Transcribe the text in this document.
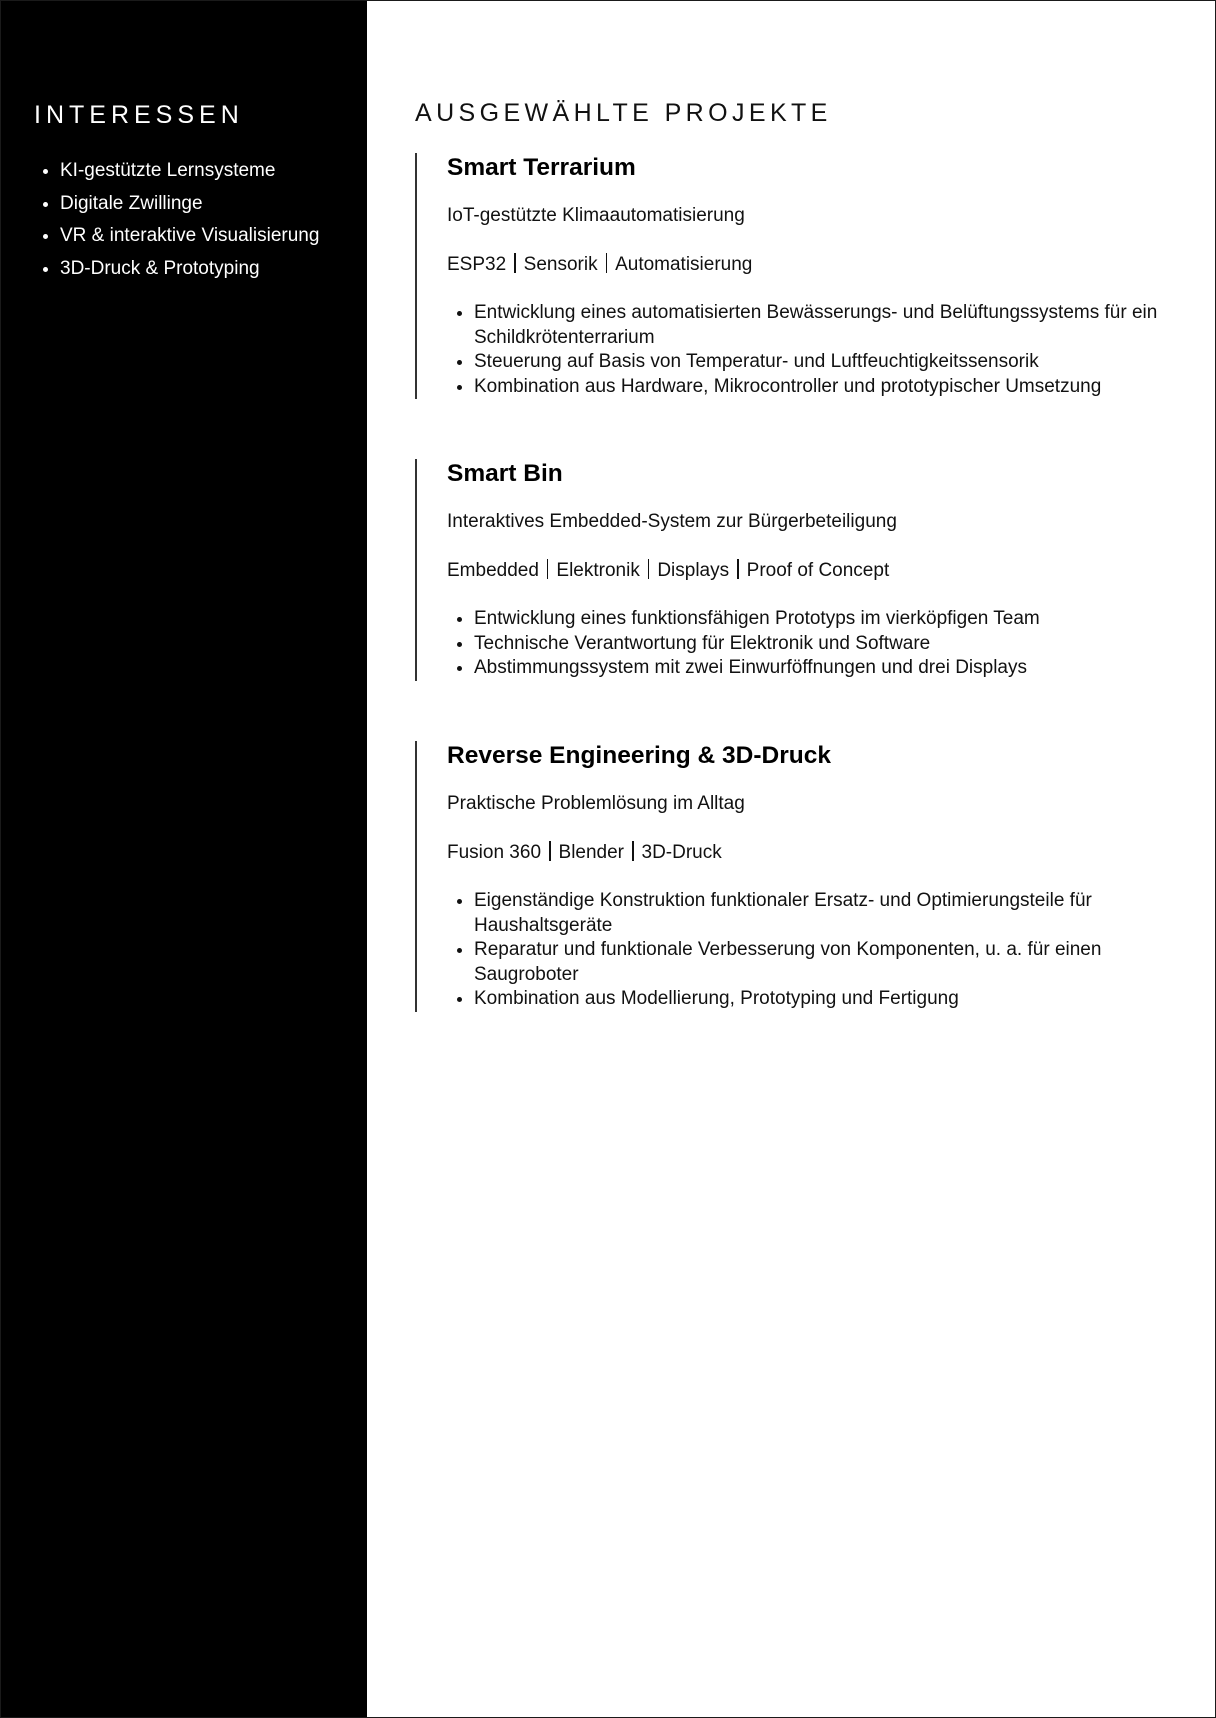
INTERESSEN
• KI-gestützte Lernsysteme
• Digitale Zwillinge
• VR & interaktive Visualisierung
• 3D-Druck & Prototyping
AUSGEWÄHLTE PROJEKTE
Smart Terrarium

IoT-gestützte Klimaautomatisierung

ESP32 Sensorik Automatisierung

• Entwicklung eines automatisierten Bewässerungs- und Belüftungssystems für ein Schildkrötenterrarium
• Steuerung auf Basis von Temperatur- und Luftfeuchtigkeitssensorik
• Kombination aus Hardware, Mikrocontroller und prototypischer Umsetzung
Smart Bin

Interaktives Embedded-System zur Bürgerbeteiligung

Embedded Elektronik Displays Proof of Concept

• Entwicklung eines funktionsfähigen Prototyps im vierköpfigen Team
• Technische Verantwortung für Elektronik und Software
• Abstimmungssystem mit zwei Einwurföffnungen und drei Displays
Reverse Engineering & 3D-Druck

Praktische Problemlösung im Alltag

Fusion 360 Blender 3D-Druck

• Eigenständige Konstruktion funktionaler Ersatz- und Optimierungsteile für Haushaltsgeräte
• Reparatur und funktionale Verbesserung von Komponenten, u. a. für einen Saugroboter
• Kombination aus Modellierung, Prototyping und Fertigung
